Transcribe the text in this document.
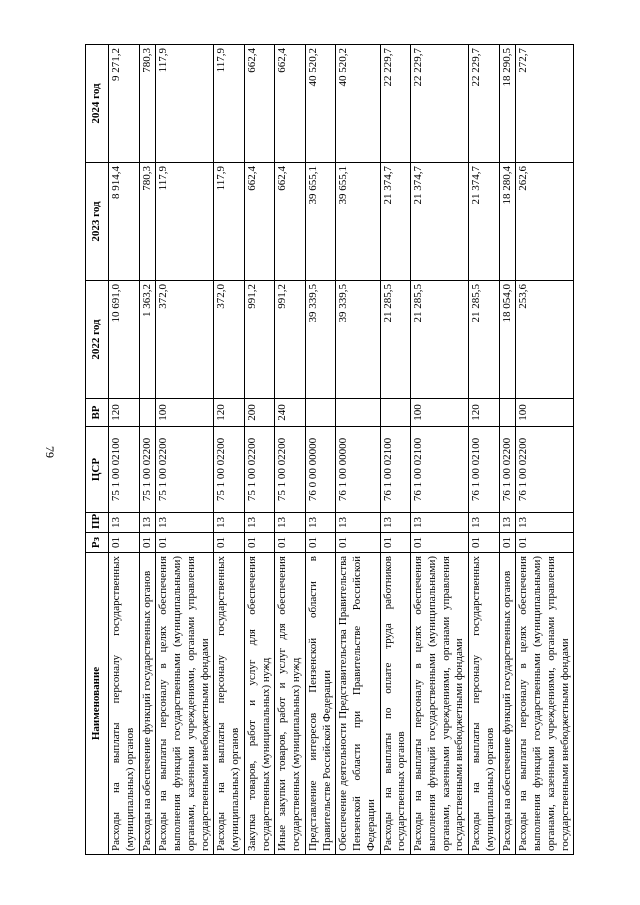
79
Наименование	Рз	ПР	ЦСР	ВР	2022 год	2023 год	2024 год
Расходы на выплаты персоналу государственных (муниципальных) органов	01	13	75 1 00 02100	120	10 691,0	8 914,4	9 271,2
Расходы на обеспечение функций государственных органов	01	13	75 1 00 02200		1 363,2	780,3	780,3
Расходы на выплаты персоналу в целях обеспечения выполнения функций государственными (муниципальными) органами, казенными учреждениями, органами управления государственными внебюджетными фондами	01	13	75 1 00 02200	100	372,0	117,9	117,9
Расходы на выплаты персоналу государственных (муниципальных) органов	01	13	75 1 00 02200	120	372,0	117,9	117,9
Закупка товаров, работ и услуг для обеспечения государственных (муниципальных) нужд	01	13	75 1 00 02200	200	991,2	662,4	662,4
Иные закупки товаров, работ и услуг для обеспечения государственных (муниципальных) нужд	01	13	75 1 00 02200	240	991,2	662,4	662,4
Представление интересов Пензенской области в Правительстве Российской Федерации	01	13	76 0 00 00000		39 339,5	39 655,1	40 520,2
Обеспечение деятельности Представительства Правительства Пензенской области при Правительстве Российской Федерации	01	13	76 1 00 00000		39 339,5	39 655,1	40 520,2
Расходы на выплаты по оплате труда работников государственных органов	01	13	76 1 00 02100		21 285,5	21 374,7	22 229,7
Расходы на выплаты персоналу в целях обеспечения выполнения функций государственными (муниципальными) органами, казенными учреждениями, органами управления государственными внебюджетными фондами	01	13	76 1 00 02100	100	21 285,5	21 374,7	22 229,7
Расходы на выплаты персоналу государственных (муниципальных) органов	01	13	76 1 00 02100	120	21 285,5	21 374,7	22 229,7
Расходы на обеспечение функций государственных органов	01	13	76 1 00 02200		18 054,0	18 280,4	18 290,5
Расходы на выплаты персоналу в целях обеспечения выполнения функций государственными (муниципальными) органами, казенными учреждениями, органами управления государственными внебюджетными фондами	01	13	76 1 00 02200	100	253,6	262,6	272,7
